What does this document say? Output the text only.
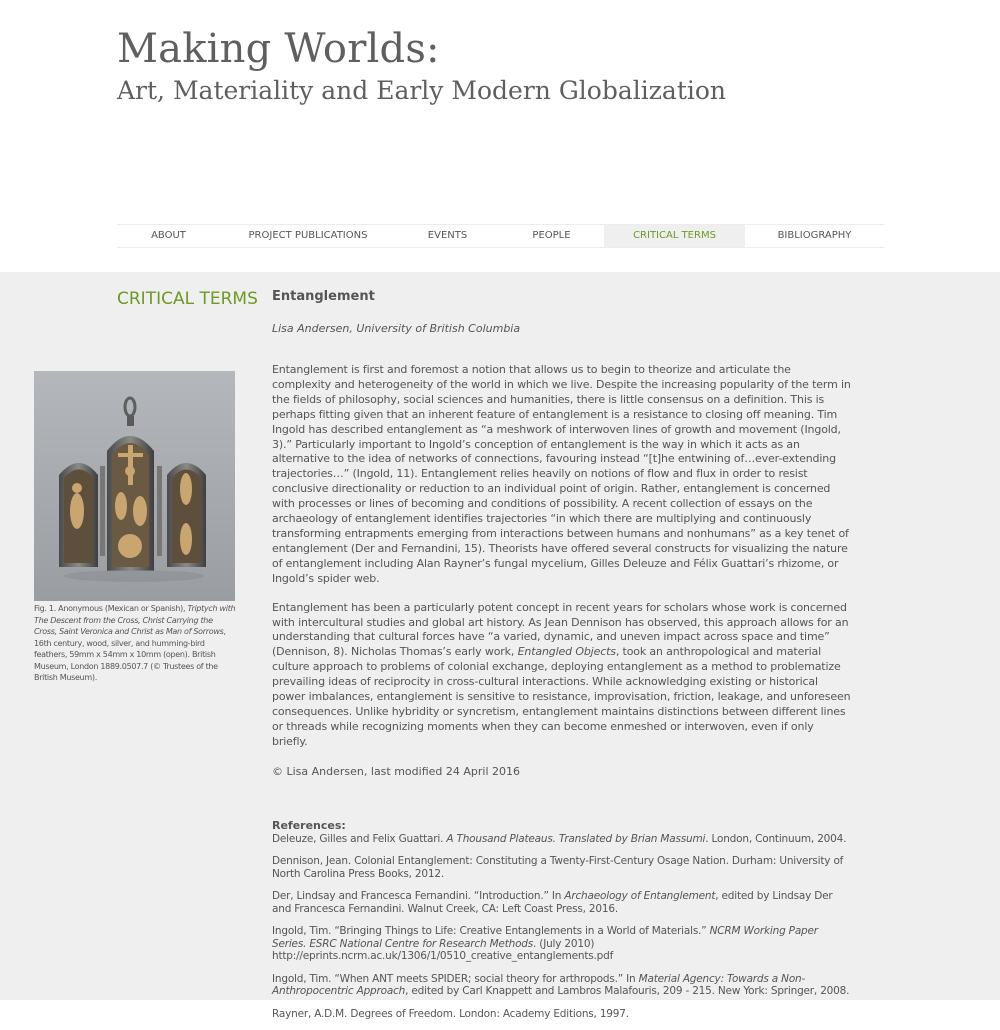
Making Worlds:
Art, Materiality and Early Modern Globalization
ABOUT	PROJECT PUBLICATIONS	EVENTS	PEOPLE	CRITICAL TERMS	BIBLIOGRAPHY
CRITICAL TERMS
Fig. 1. Anonymous (Mexican or Spanish), Triptych with The Descent from the Cross, Christ Carrying the Cross, Saint Veronica and Christ as Man of Sorrows, 16th century, wood, silver, and humming-bird feathers, 59mm x 54mm x 10mm (open). British Museum, London 1889.0507.7 (© Trustees of the British Museum).
Entanglement

Lisa Andersen, University of British Columbia

Entanglement is first and foremost a notion that allows us to begin to theorize and articulate the complexity and heterogeneity of the world in which we live. Despite the increasing popularity of the term in the fields of philosophy, social sciences and humanities, there is little consensus on a definition. This is perhaps fitting given that an inherent feature of entanglement is a resistance to closing off meaning. Tim Ingold has described entanglement as “a meshwork of interwoven lines of growth and movement (Ingold, 3).” Particularly important to Ingold’s conception of entanglement is the way in which it acts as an alternative to the idea of networks of connections, favouring instead “[t]he entwining of…ever-extending trajectories…” (Ingold, 11). Entanglement relies heavily on notions of flow and flux in order to resist conclusive directionality or reduction to an individual point of origin. Rather, entanglement is concerned with processes or lines of becoming and conditions of possibility. A recent collection of essays on the archaeology of entanglement identifies trajectories “in which there are multiplying and continuously transforming entrapments emerging from interactions between humans and nonhumans” as a key tenet of entanglement (Der and Fernandini, 15). Theorists have offered several constructs for visualizing the nature of entanglement including Alan Rayner’s fungal mycelium, Gilles Deleuze and Félix Guattari’s rhizome, or Ingold’s spider web.

Entanglement has been a particularly potent concept in recent years for scholars whose work is concerned with intercultural studies and global art history. As Jean Dennison has observed, this approach allows for an understanding that cultural forces have “a varied, dynamic, and uneven impact across space and time” (Dennison, 8). Nicholas Thomas’s early work, Entangled Objects, took an anthropological and material culture approach to problems of colonial exchange, deploying entanglement as a method to problematize prevailing ideas of reciprocity in cross-cultural interactions. While acknowledging existing or historical power imbalances, entanglement is sensitive to resistance, improvisation, friction, leakage, and unforeseen consequences. Unlike hybridity or syncretism, entanglement maintains distinctions between different lines or threads while recognizing moments when they can become enmeshed or interwoven, even if only briefly.

© Lisa Andersen, last modified 24 April 2016

References:

Deleuze, Gilles and Felix Guattari. A Thousand Plateaus. Translated by Brian Massumi. London, Continuum, 2004.

Dennison, Jean. Colonial Entanglement: Constituting a Twenty-First-Century Osage Nation. Durham: University of North Carolina Press Books, 2012.

Der, Lindsay and Francesca Fernandini. “Introduction.” In Archaeology of Entanglement, edited by Lindsay Der and Francesca Fernandini. Walnut Creek, CA: Left Coast Press, 2016.

Ingold, Tim. “Bringing Things to Life: Creative Entanglements in a World of Materials.” NCRM Working Paper Series. ESRC National Centre for Research Methods. (July 2010) http://eprints.ncrm.ac.uk/1306/1/0510_creative_entanglements.pdf

Ingold, Tim. “When ANT meets SPIDER; social theory for arthropods.” In Material Agency: Towards a Non-Anthropocentric Approach, edited by Carl Knappett and Lambros Malafouris, 209 - 215. New York: Springer, 2008.

Rayner, A.D.M. Degrees of Freedom. London: Academy Editions, 1997.
